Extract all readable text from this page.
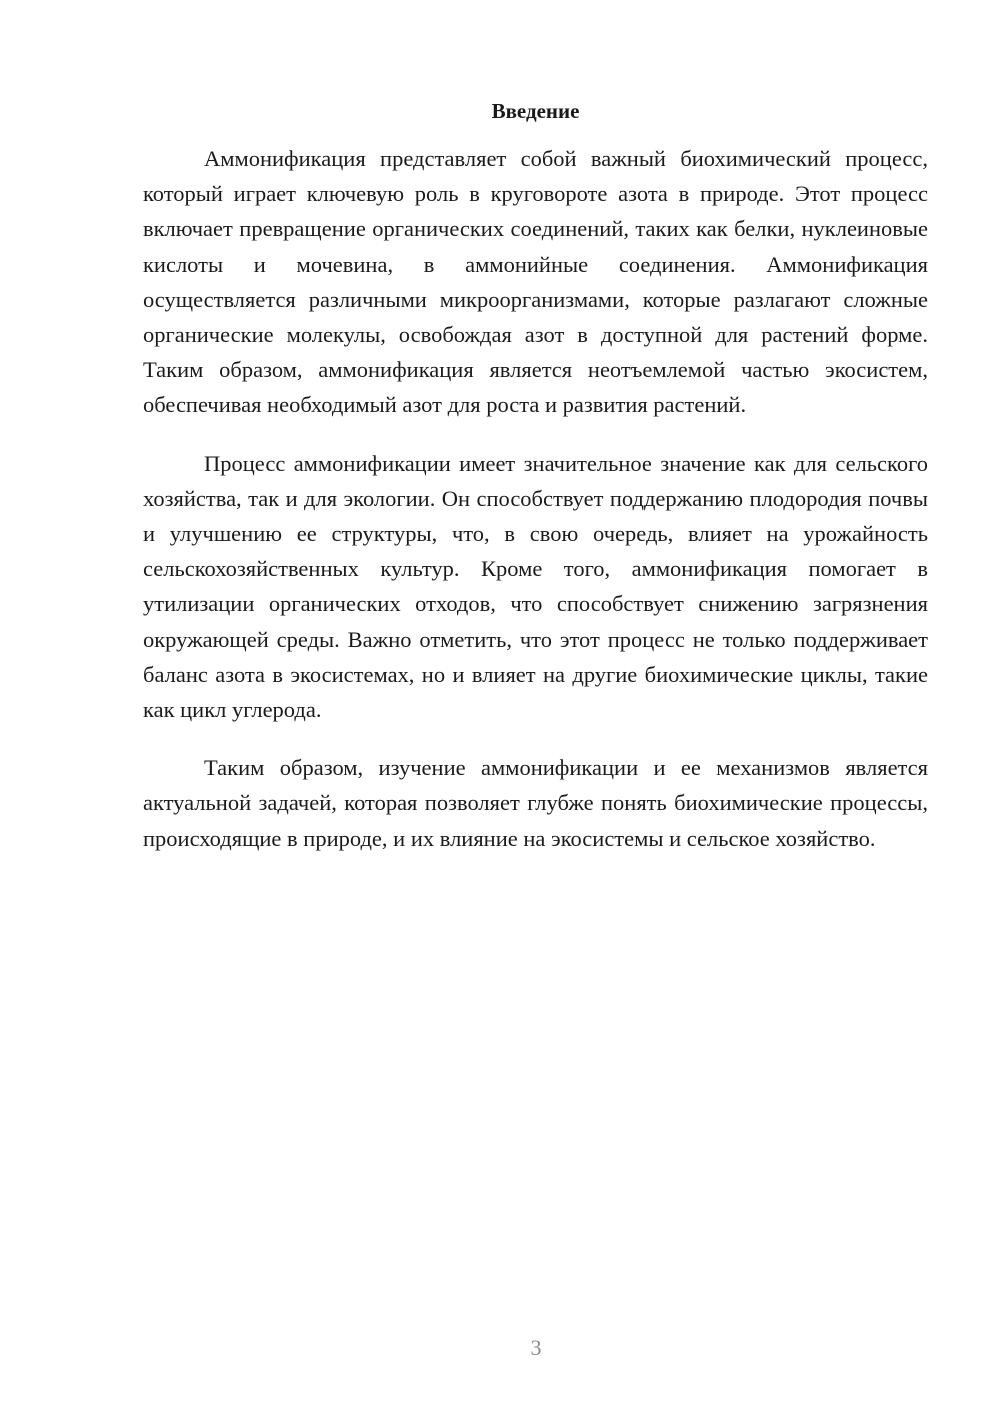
Введение

Аммонификация представляет собой важный биохимический процесс, который играет ключевую роль в круговороте азота в природе. Этот процесс включает превращение органических соединений, таких как белки, нуклеиновые кислоты и мочевина, в аммонийные соединения. Аммонификация осуществляется различными микроорганизмами, которые разлагают сложные органические молекулы, освобождая азот в доступной для растений форме. Таким образом, аммонификация является неотъемлемой частью экосистем, обеспечивая необходимый азот для роста и развития растений.

Процесс аммонификации имеет значительное значение как для сельского хозяйства, так и для экологии. Он способствует поддержанию плодородия почвы и улучшению ее структуры, что, в свою очередь, влияет на урожайность сельскохозяйственных культур. Кроме того, аммонификация помогает в утилизации органических отходов, что способствует снижению загрязнения окружающей среды. Важно отметить, что этот процесс не только поддерживает баланс азота в экосистемах, но и влияет на другие биохимические циклы, такие как цикл углерода.

Таким образом, изучение аммонификации и ее механизмов является актуальной задачей, которая позволяет глубже понять биохимические процессы, происходящие в природе, и их влияние на экосистемы и сельское хозяйство.

3
